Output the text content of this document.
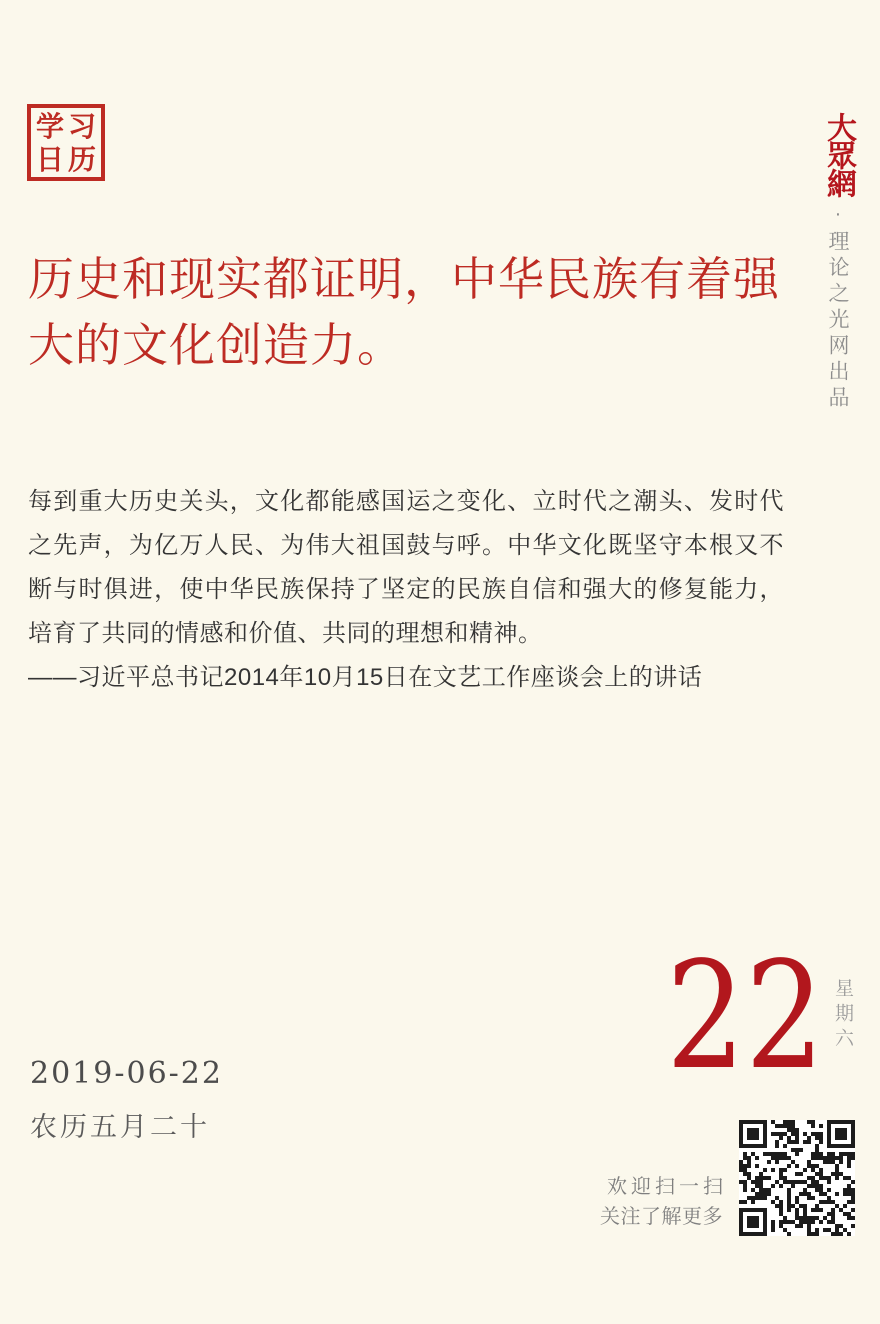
学习
日历	大眾網
·
理论之光网出品
历史和现实都证明，中华民族有着强大的文化创造力。

每到重大历史关头，文化都能感国运之变化、立时代之潮头、发时代之先声，为亿万人民、为伟大祖国鼓与呼。中华文化既坚守本根又不断与时俱进，使中华民族保持了坚定的民族自信和强大的修复能力，培育了共同的情感和价值、共同的理想和精神。

——习近平总书记2014年10月15日在文艺工作座谈会上的讲话

2019-06-22
农历五月二十
22 星期六
欢迎扫一扫
关注了解更多
